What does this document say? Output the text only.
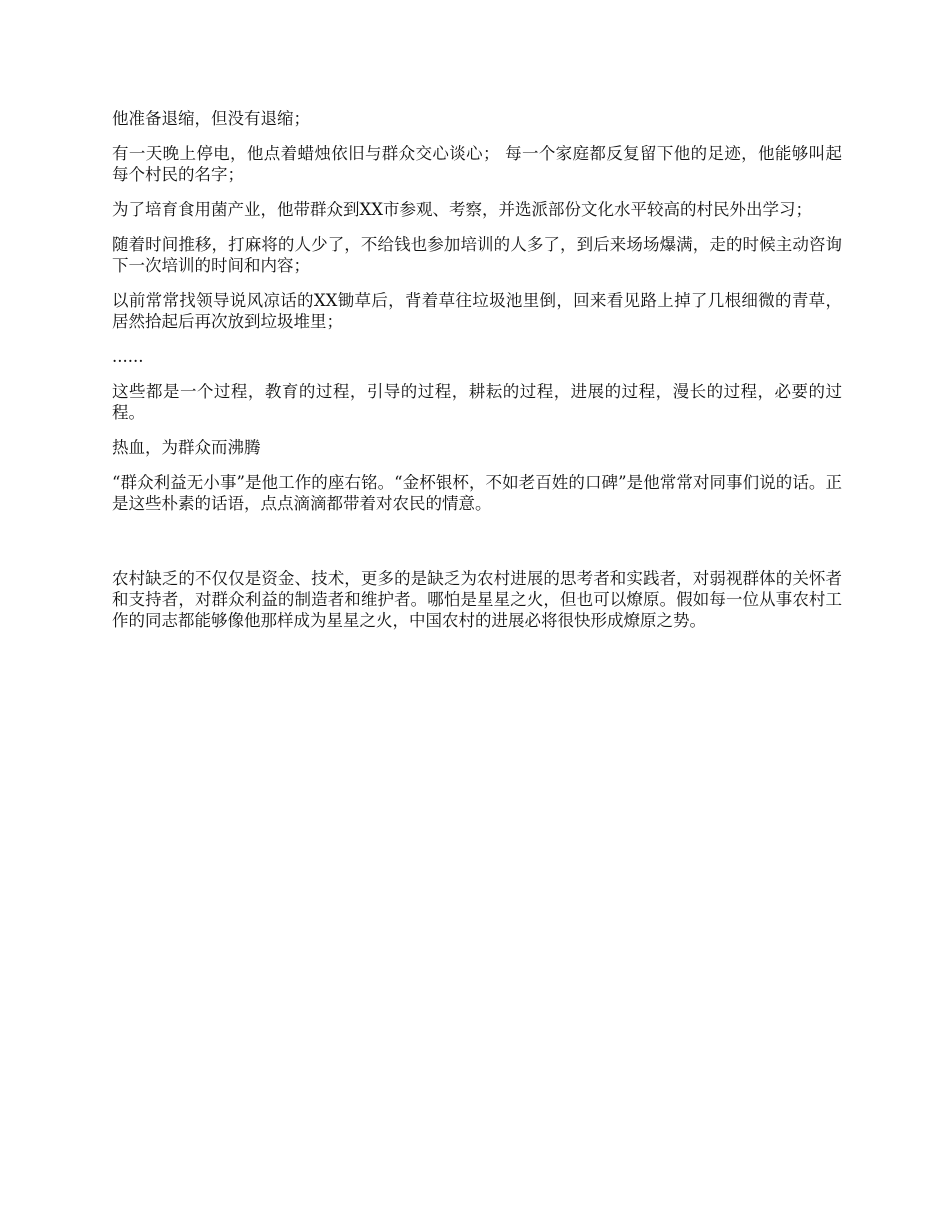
他准备退缩，但没有退缩；

有一天晚上停电，他点着蜡烛依旧与群众交心谈心； 每一个家庭都反复留下他的足迹，他能够叫起每个村民的名字；

为了培育食用菌产业，他带群众到XX市参观、考察，并选派部份文化水平较高的村民外出学习；

随着时间推移，打麻将的人少了，不给钱也参加培训的人多了，到后来场场爆满，走的时候主动咨询下一次培训的时间和内容；

以前常常找领导说风凉话的XX锄草后，背着草往垃圾池里倒，回来看见路上掉了几根细微的青草，居然拾起后再次放到垃圾堆里；

......

这些都是一个过程，教育的过程，引导的过程，耕耘的过程，进展的过程，漫长的过程，必要的过程。

热血，为群众而沸腾

“群众利益无小事”是他工作的座右铭。“金杯银杯，不如老百姓的口碑”是他常常对同事们说的话。正是这些朴素的话语，点点滴滴都带着对农民的情意。

农村缺乏的不仅仅是资金、技术，更多的是缺乏为农村进展的思考者和实践者，对弱视群体的关怀者和支持者，对群众利益的制造者和维护者。哪怕是星星之火，但也可以燎原。假如每一位从事农村工作的同志都能够像他那样成为星星之火，中国农村的进展必将很快形成燎原之势。
